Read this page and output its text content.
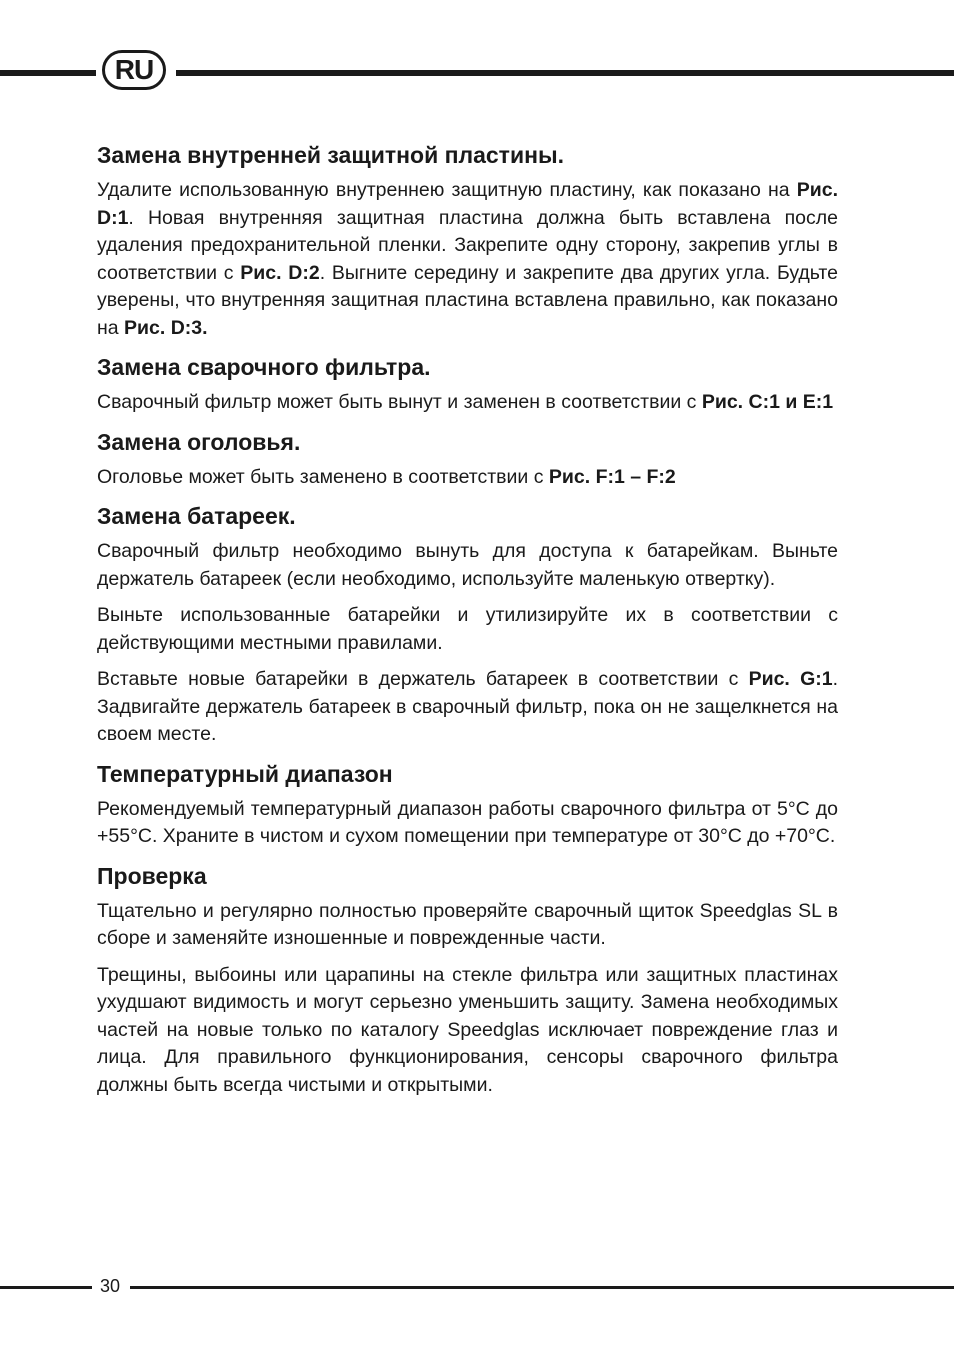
RU
Замена внутренней защитной пластины.

Удалите использованную внутреннею защитную пластину, как показано на Рис. D:1. Новая внутренняя защитная пластина должна быть вставлена после удаления предохранительной пленки. Закрепите одну сторону, закрепив углы в соответствии с Рис. D:2. Выгните середину и закрепите два других угла. Будьте уверены, что внутренняя защитная пластина вставлена правильно, как показано на Рис. D:3.

Замена сварочного фильтра.

Сварочный фильтр может быть вынут и заменен в соответствии с Рис. C:1 и E:1

Замена оголовья.

Оголовье может быть заменено в соответствии с Рис. F:1 – F:2

Замена батареек.

Сварочный фильтр необходимо вынуть для доступа к батарейкам. Выньте держатель батареек (если необходимо, используйте маленькую отвертку).

Выньте использованные батарейки и утилизируйте их в соответствии с действующими местными правилами.

Вставьте новые батарейки в держатель батареек в соответствии с Рис. G:1. Задвигайте держатель батареек в сварочный фильтр, пока он не защелкнется на своем месте.

Температурный диапазон

Рекомендуемый температурный диапазон работы сварочного фильтра от 5°C до +55°C. Храните в чистом и сухом помещении при температуре от 30°C до +70°C.

Проверка

Тщательно и регулярно полностью проверяйте сварочный щиток Speedglas SL в сборе и заменяйте изношенные и поврежденные части.

Трещины, выбоины или царапины на стекле фильтра или защитных пластинах ухудшают видимость и могут серьезно уменьшить защиту. Замена необходимых частей на новые только по каталогу Speedglas исключает повреждение глаз и лица. Для правильного функционирования, сенсоры сварочного фильтра должны быть всегда чистыми и открытыми.

30
